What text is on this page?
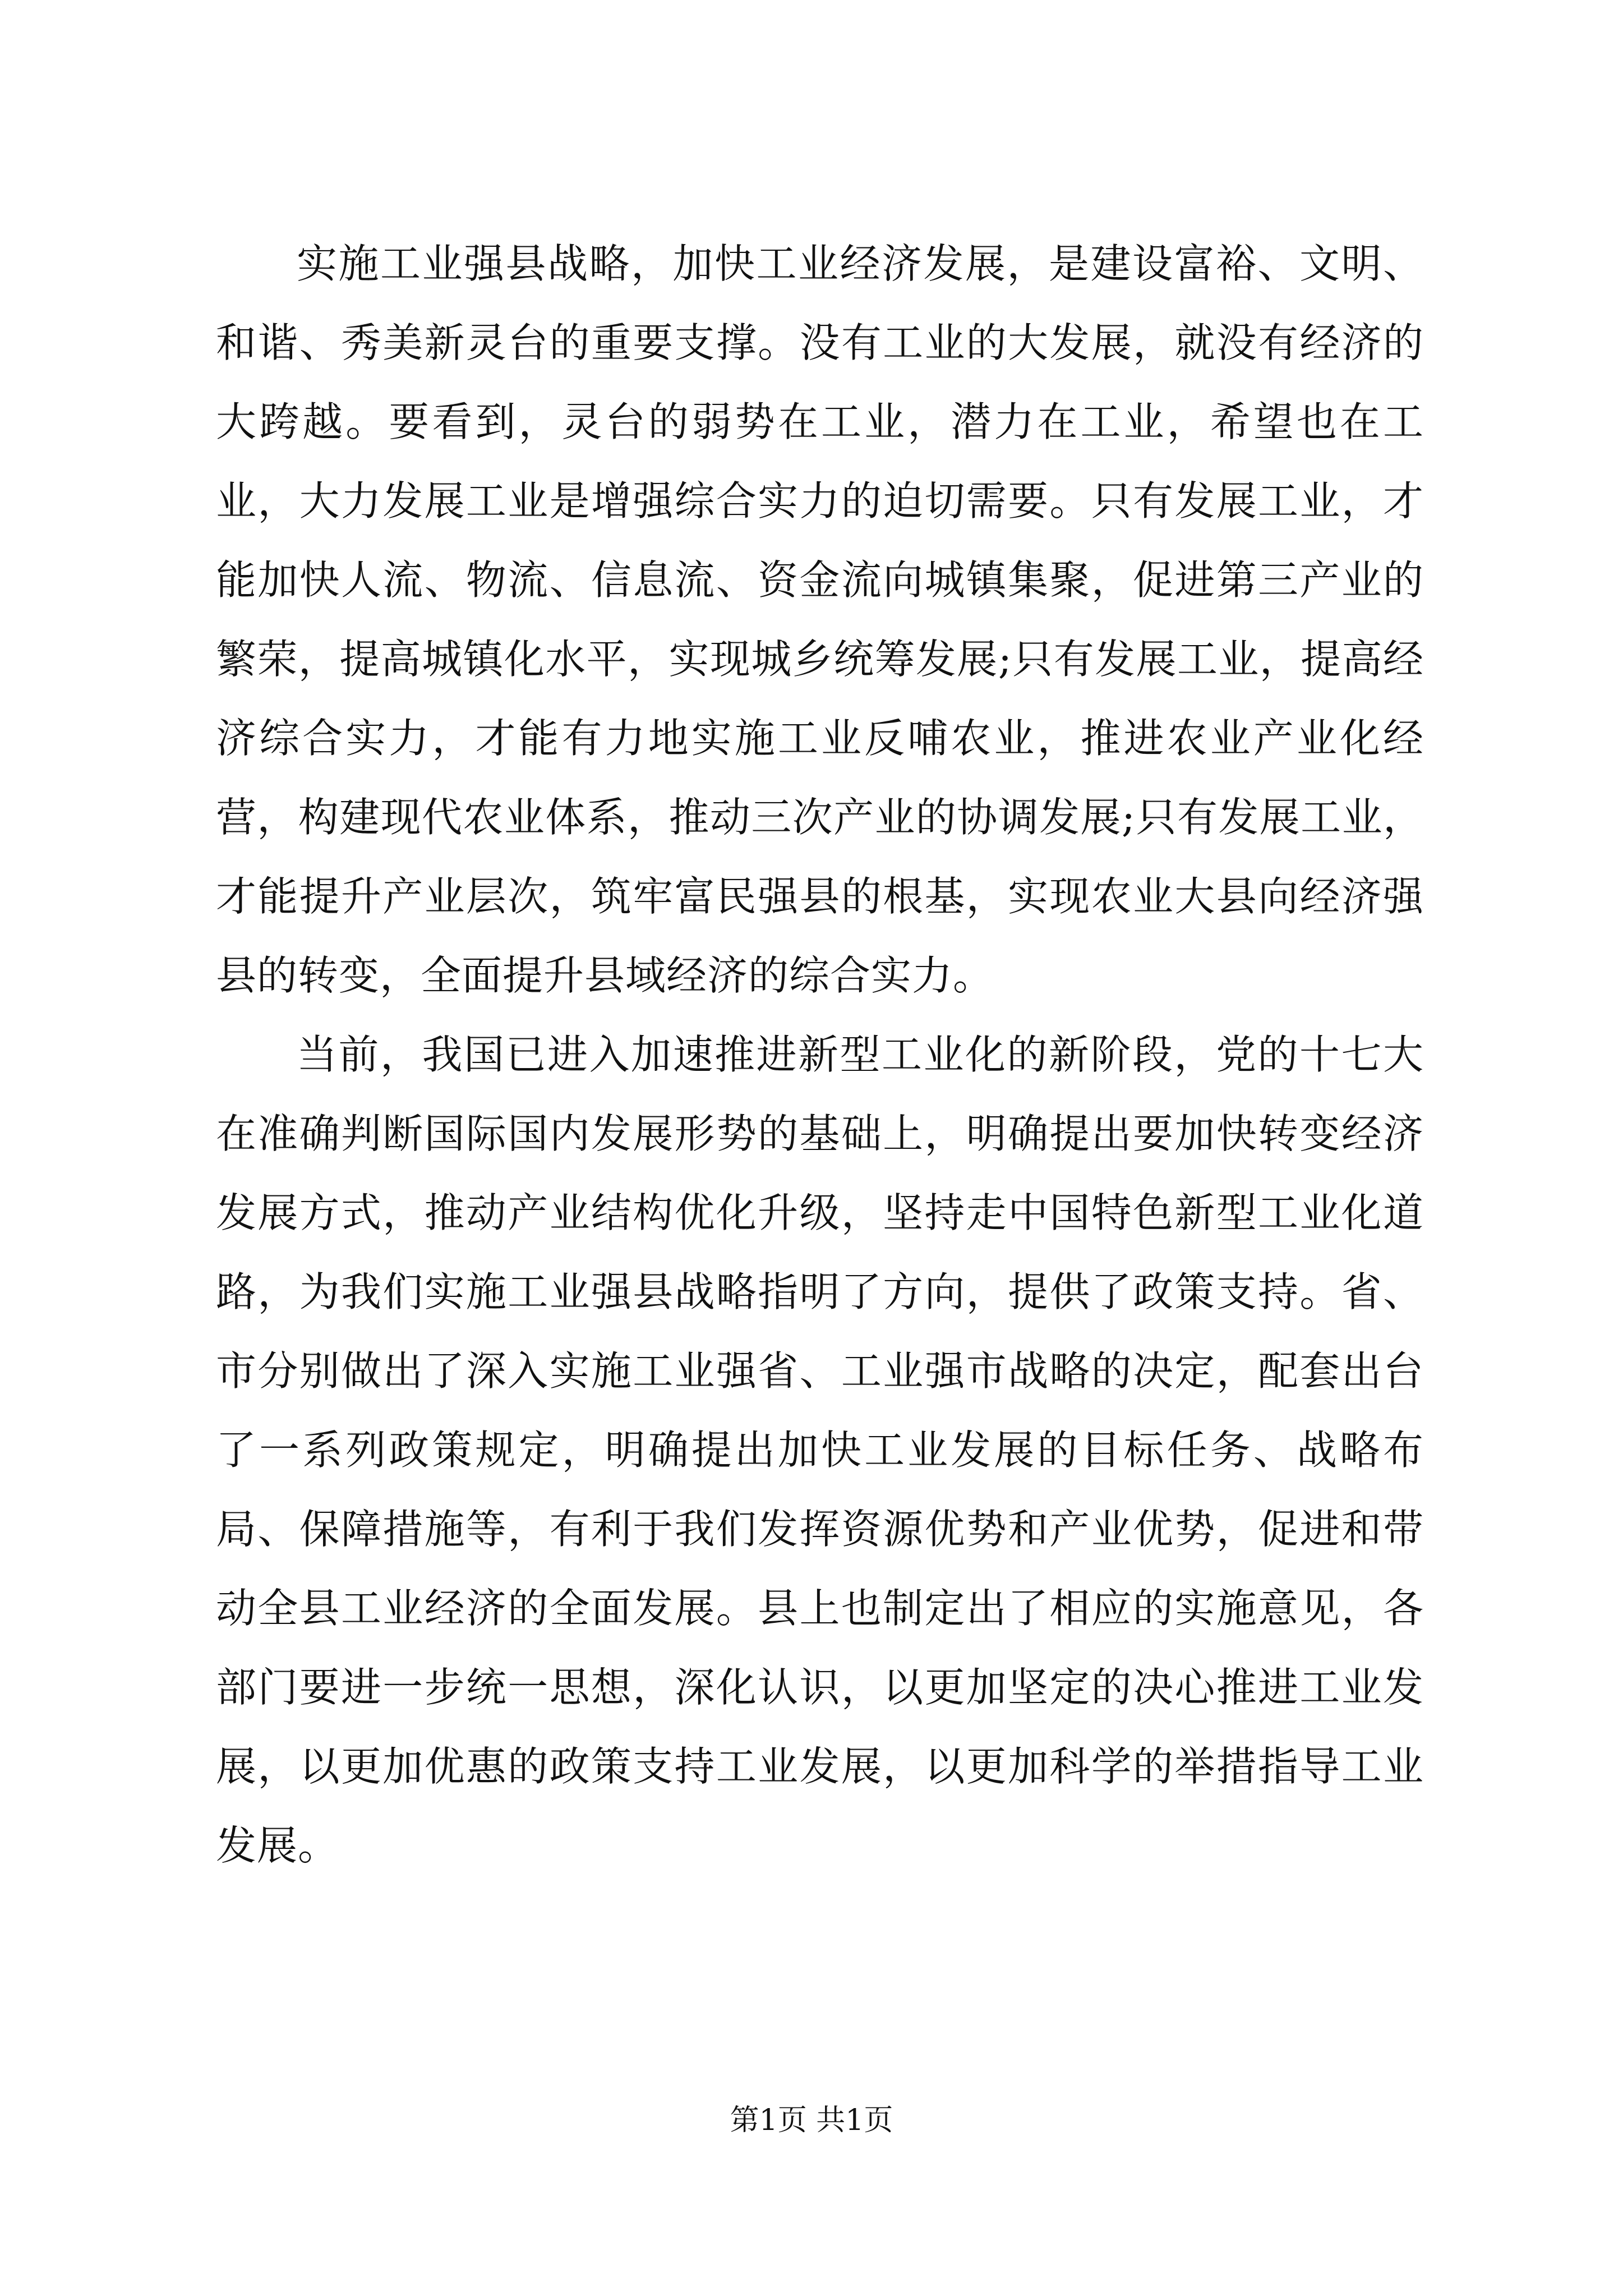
实施工业强县战略，加快工业经济发展，是建设富裕、文明、和谐、秀美新灵台的重要支撑。没有工业的大发展，就没有经济的大跨越。要看到，灵台的弱势在工业，潜力在工业，希望也在工业，大力发展工业是增强综合实力的迫切需要。只有发展工业，才能加快人流、物流、信息流、资金流向城镇集聚，促进第三产业的繁荣，提高城镇化水平，实现城乡统筹发展;只有发展工业，提高经济综合实力，才能有力地实施工业反哺农业，推进农业产业化经营，构建现代农业体系，推动三次产业的协调发展;只有发展工业，才能提升产业层次，筑牢富民强县的根基，实现农业大县向经济强县的转变，全面提升县域经济的综合实力。

当前，我国已进入加速推进新型工业化的新阶段，党的十七大在准确判断国际国内发展形势的基础上，明确提出要加快转变经济发展方式，推动产业结构优化升级，坚持走中国特色新型工业化道路，为我们实施工业强县战略指明了方向，提供了政策支持。省、市分别做出了深入实施工业强省、工业强市战略的决定，配套出台了一系列政策规定，明确提出加快工业发展的目标任务、战略布局、保障措施等，有利于我们发挥资源优势和产业优势，促进和带动全县工业经济的全面发展。县上也制定出了相应的实施意见，各部门要进一步统一思想，深化认识，以更加坚定的决心推进工业发展，以更加优惠的政策支持工业发展，以更加科学的举措指导工业发展。

第1页 共1页
